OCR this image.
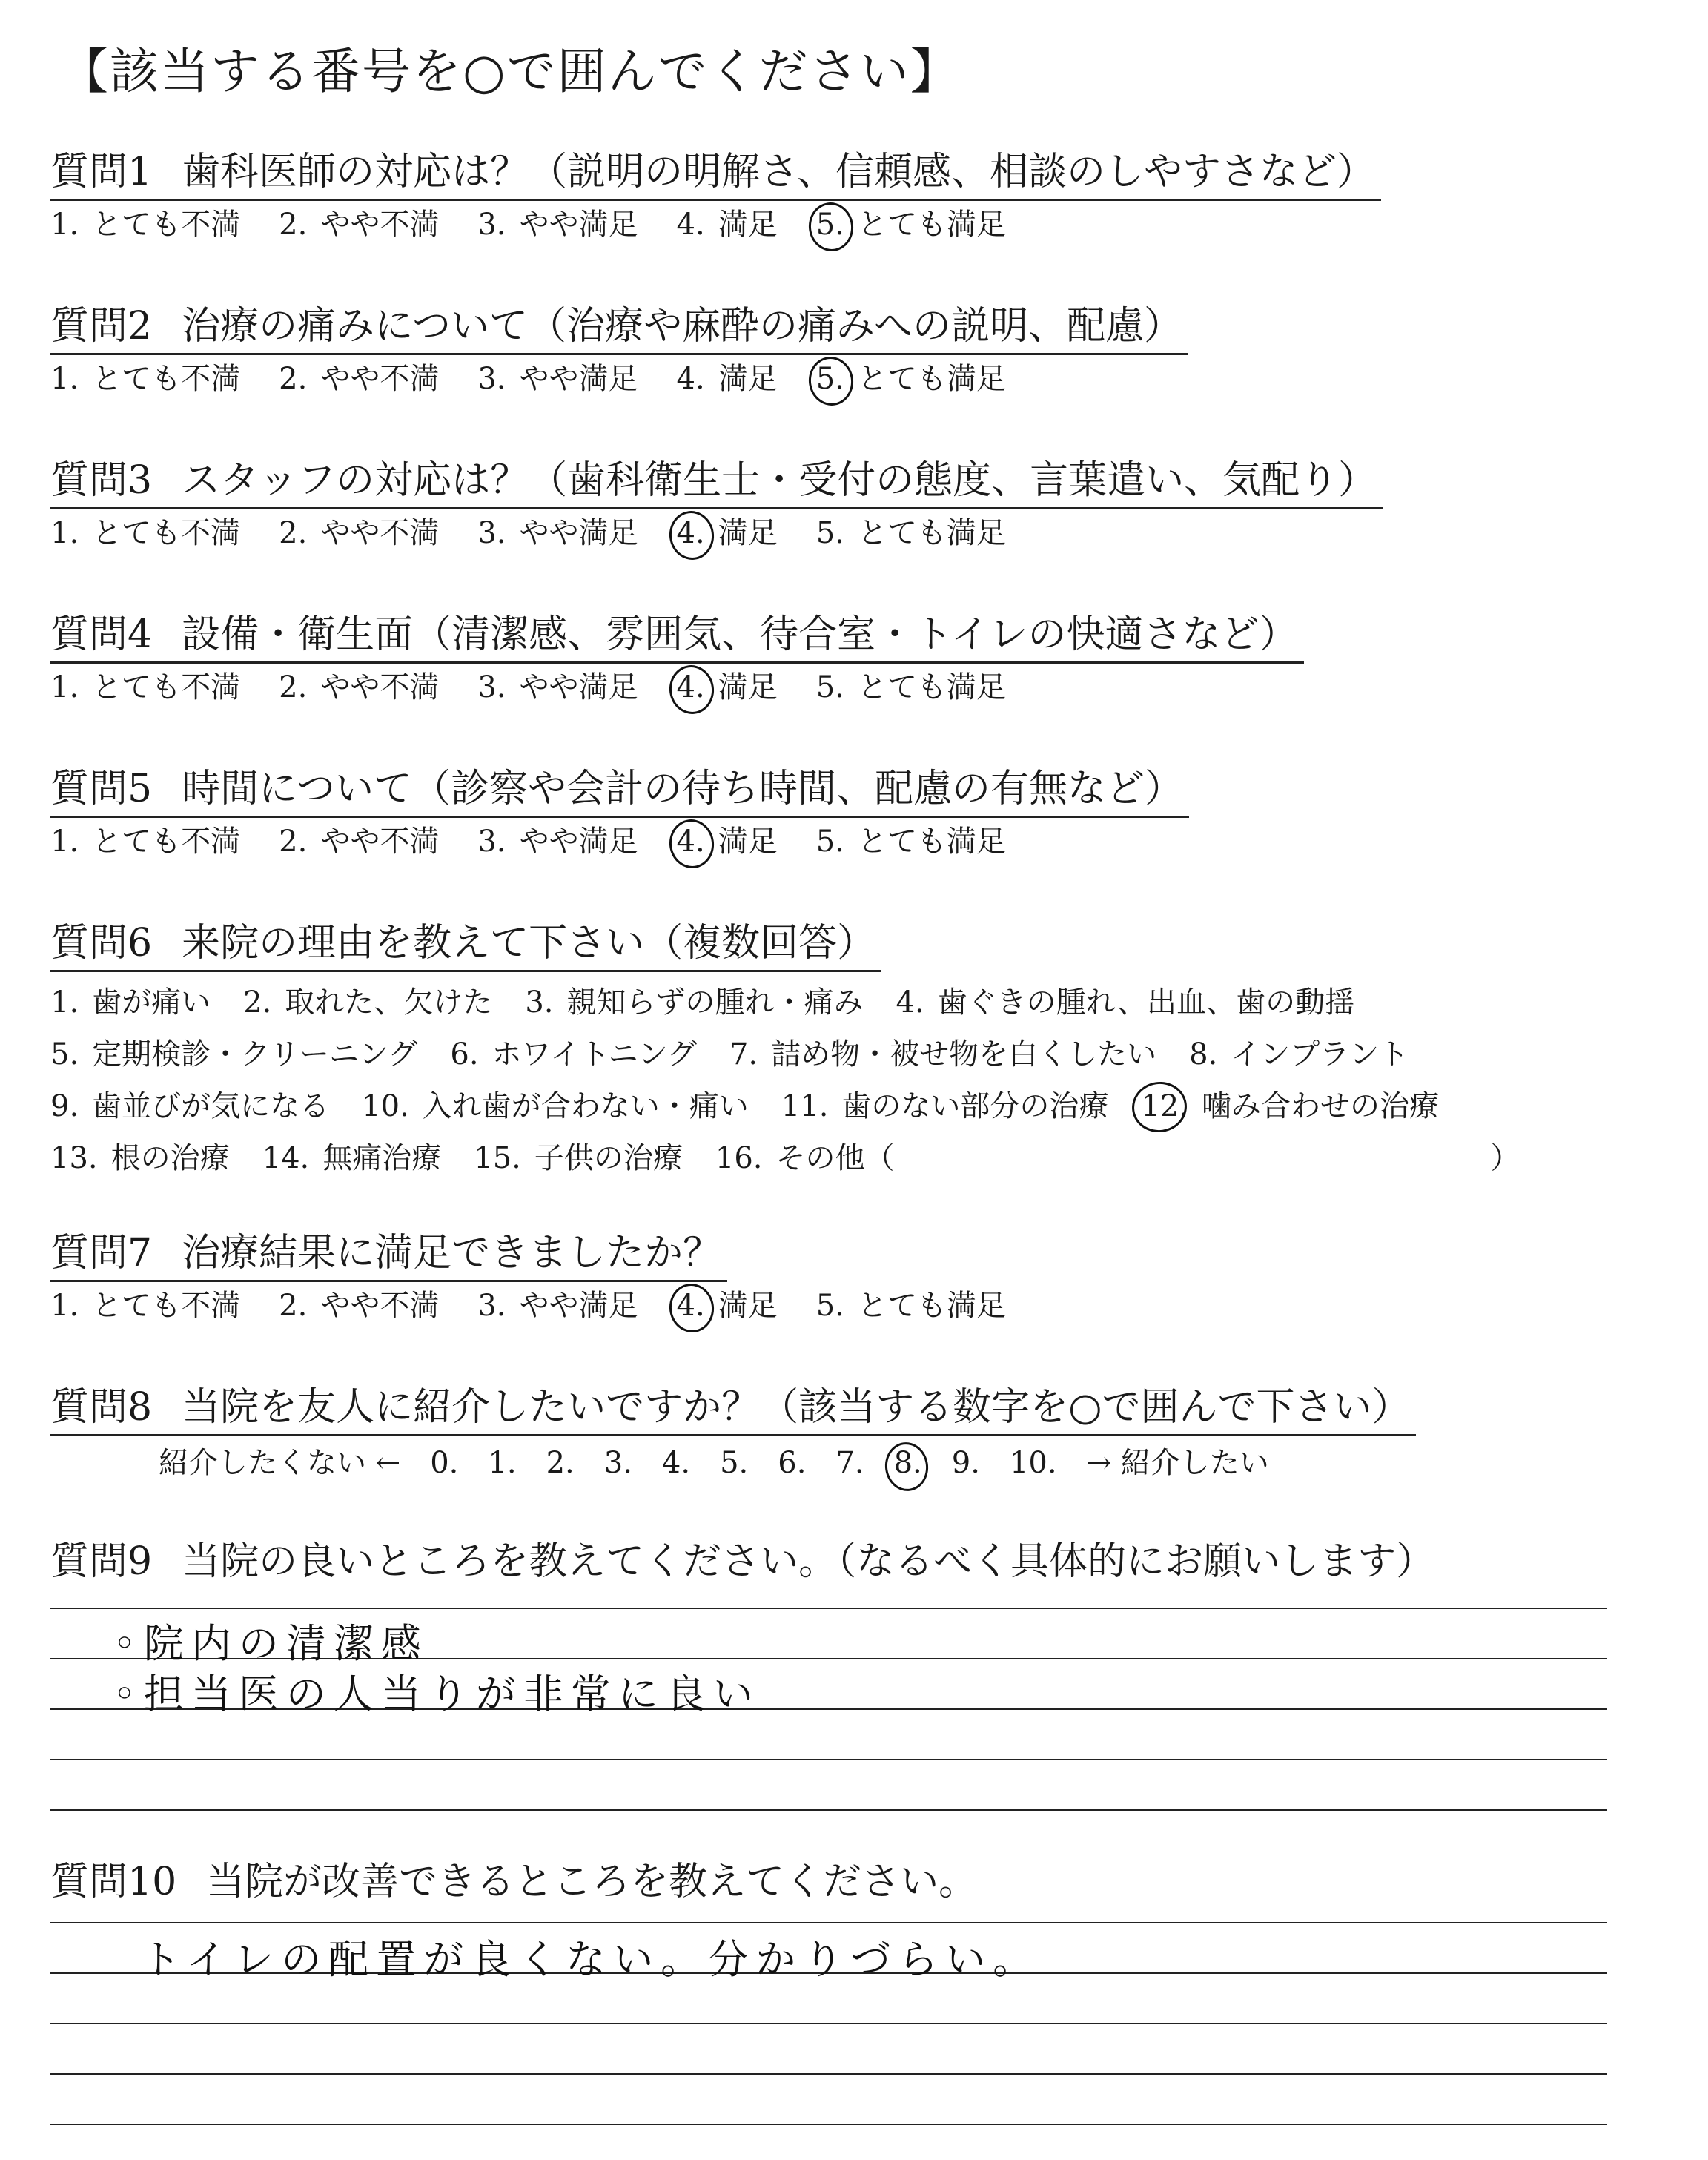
【該当する番号を○で囲んでください】
質問1 歯科医師の対応は？（説明の明解さ、信頼感、相談のしやすさなど）
1. とても不満 2. やや不満 3. やや満足 4. 満足 5. とても満足
質問2 治療の痛みについて（治療や麻酔の痛みへの説明、配慮）
1. とても不満 2. やや不満 3. やや満足 4. 満足 5. とても満足
質問3 スタッフの対応は？（歯科衛生士・受付の態度、言葉遣い、気配り）
1. とても不満 2. やや不満 3. やや満足 4. 満足 5. とても満足
質問4 設備・衛生面（清潔感、雰囲気、待合室・トイレの快適さなど）
1. とても不満 2. やや不満 3. やや満足 4. 満足 5. とても満足
質問5 時間について（診察や会計の待ち時間、配慮の有無など）
1. とても不満 2. やや不満 3. やや満足 4. 満足 5. とても満足
質問6 来院の理由を教えて下さい（複数回答）
1. 歯が痛い 2. 取れた、欠けた 3. 親知らずの腫れ・痛み 4. 歯ぐきの腫れ、出血、歯の動揺
5. 定期検診・クリーニング 6. ホワイトニング 7. 詰め物・被せ物を白くしたい 8. インプラント
9. 歯並びが気になる 10. 入れ歯が合わない・痛い 11. 歯のない部分の治療 12. 噛み合わせの治療
13. 根の治療 14. 無痛治療 15. 子供の治療 16. その他（	）
質問7 治療結果に満足できましたか？
1. とても不満 2. やや不満 3. やや満足 4. 満足 5. とても満足
質問8 当院を友人に紹介したいですか？（該当する数字を○で囲んで下さい）
紹介したくない ← 0. 1. 2. 3. 4. 5. 6. 7. 8. 9. 10. → 紹介したい
質問9 当院の良いところを教えてください。（なるべく具体的にお願いします）
◦院内の清潔感
◦担当医の人当りが非常に良い
質問10 当院が改善できるところを教えてください。
トイレの配置が良くない。分かりづらい。
